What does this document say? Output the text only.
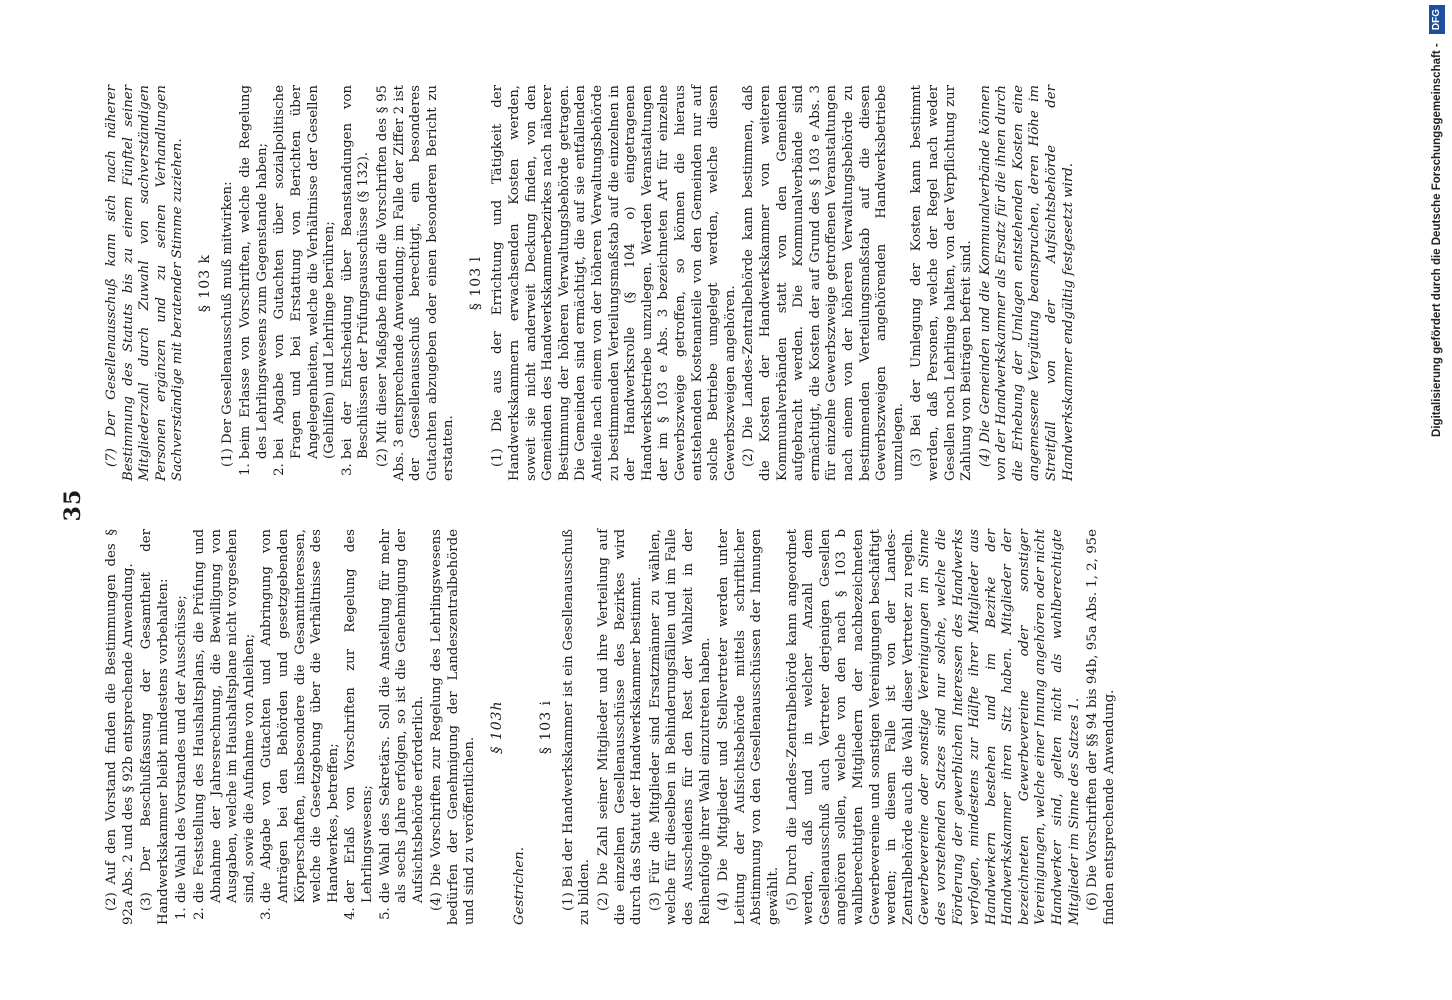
35

(2) Auf den Vorstand finden die Bestimmungen des § 92a Abs. 2 und des § 92b entsprechende Anwendung. (3) Der Beschlußfassung der Gesamtheit der Handwerkskammer bleibt mindestens vorbehalten: 1. die Wahl des Vorstandes und der Ausschüsse; 2. die Feststellung des Haushaltsplans, die Prüfung und Abnahme der Jahresrechnung, die Bewilligung von Ausgaben, welche im Haushaltsplane nicht vorgesehen sind, sowie die Aufnahme von Anleihen; 3. die Abgabe von Gutachten und Anbringung von Anträgen bei den Behörden und gesetzgebenden Körperschaften, insbesondere die Gesamtinteressen, welche die Gesetzgebung über die Verhältnisse des Handwerkes, betreffen; 4. der Erlaß von Vorschriften zur Regelung des Lehrlingswesens; 5. die Wahl des Sekretärs. Soll die Anstellung für mehr als sechs Jahre erfolgen, so ist die Genehmigung der Aufsichtsbehörde erforderlich. (4) Die Vorschriften zur Regelung des Lehrlingswesens bedürfen der Genehmigung der Landeszentralbehörde und sind zu veröffentlichen.

§ 103h

Gestrichen.

§ 103 i (1) Bei der Handwerkskammer ist ein Gesellenausschuß zu bilden. (2) Die Zahl seiner Mitglieder und ihre Verteilung auf die einzelnen Gesellenausschüsse des Bezirkes wird durch das Statut der Handwerkskammer bestimmt. (3) Für die Mitglieder sind Ersatzmänner zu wählen, welche für dieselben in Behinderungsfällen und im Falle des Ausscheidens für den Rest der Wahlzeit in der Reihenfolge ihrer Wahl einzutreten haben. (4) Die Mitglieder und Stellvertreter werden unter Leitung der Aufsichtsbehörde mittels schriftlicher Abstimmung von den Gesellenausschüssen der Innungen gewählt. (5) Durch die Landes-Zentralbehörde kann angeordnet werden, daß und in welcher Anzahl dem Gesellenausschuß auch Vertreter derjenigen Gesellen angehören sollen, welche von den nach § 103 b wahlberechtigten Mitgliedern der nachbezeichneten Gewerbevereine und sonstigen Vereinigungen beschäftigt werden; in diesem Falle ist von der Landes-Zentralbehörde auch die Wahl dieser Vertreter zu regeln. Gewerbevereine oder sonstige Vereinigungen im Sinne des vorstehenden Satzes sind nur solche, welche die Förderung der gewerblichen Interessen des Handwerks verfolgen, mindestens zur Hälfte ihrer Mitglieder aus Handwerkern bestehen und im Bezirke der Handwerkskammer ihren Sitz haben. Mitglieder der bezeichneten Gewerbevereine oder sonstiger Vereinigungen, welche einer Innung angehören oder nicht Handwerker sind, gelten nicht als wahlberechtigte Mitglieder im Sinne des Satzes 1. (6) Die Vorschriften der §§ 94 bis 94b, 95a Abs. 1, 2, 95e finden entsprechende Anwendung.

(7) Der Gesellenausschuß kann sich nach näherer Bestimmung des Statuts bis zu einem Fünftel seiner Mitgliederzahl durch Zuwahl von sachverständigen Personen ergänzen und zu seinen Verhandlungen Sachverständige mit beratender Stimme zuziehen. § 103 k (1) Der Gesellenausschuß muß mitwirken: 1. beim Erlasse von Vorschriften, welche die Regelung des Lehrlingswesens zum Gegenstande haben; 2. bei Abgabe von Gutachten über sozialpolitische Fragen und bei Erstattung von Berichten über Angelegenheiten, welche die Verhältnisse der Gesellen (Gehilfen) und Lehrlinge berühren; 3. bei der Entscheidung über Beanstandungen von Beschlüssen der Prüfungsausschüsse (§ 132). (2) Mit dieser Maßgabe finden die Vorschriften des § 95 Abs. 3 entsprechende Anwendung; im Falle der Ziffer 2 ist der Gesellenausschuß berechtigt, ein besonderes Gutachten abzugeben oder einen besonderen Bericht zu erstatten.

§ 103 l (1) Die aus der Errichtung und Tätigkeit der Handwerkskammern erwachsenden Kosten werden, soweit sie nicht anderweit Deckung finden, von den Gemeinden des Handwerkskammerbezirkes nach näherer Bestimmung der höheren Verwaltungsbehörde getragen. Die Gemeinden sind ermächtigt, die auf sie entfallenden Anteile nach einem von der höheren Verwaltungsbehörde zu bestimmenden Verteilungsmaßstab auf die einzelnen in der Handwerksrolle (§ 104 o) eingetragenen Handwerksbetriebe umzulegen. Werden Veranstaltungen der im § 103 e Abs. 3 bezeichneten Art für einzelne Gewerbszweige getroffen, so können die hieraus entstehenden Kostenanteile von den Gemeinden nur auf solche Betriebe umgelegt werden, welche diesen Gewerbszweigen angehören. (2) Die Landes-Zentralbehörde kann bestimmen, daß die Kosten der Handwerkskammer von weiteren Kommunalverbänden statt von den Gemeinden aufgebracht werden. Die Kommunalverbände sind ermächtigt, die Kosten der auf Grund des § 103 e Abs. 3 für einzelne Gewerbszweige getroffenen Veranstaltungen nach einem von der höheren Verwaltungsbehörde zu bestimmenden Verteilungsmaßstab auf die diesen Gewerbszweigen angehörenden Handwerksbetriebe umzulegen. (3) Bei der Umlegung der Kosten kann bestimmt werden, daß Personen, welche der Regel nach weder Gesellen noch Lehrlinge halten, von der Verpflichtung zur Zahlung von Beiträgen befreit sind. (4) Die Gemeinden und die Kommunalverbände können von der Handwerkskammer als Ersatz für die ihnen durch die Erhebung der Umlagen entstehenden Kosten eine angemessene Vergütung beanspruchen, deren Höhe im Streitfall von der Aufsichtsbehörde der Handwerkskammer endgültig festgesetzt wird.	Digitalisierung gefördert durch die Deutsche Forschungsgemeinschaft - DFG
